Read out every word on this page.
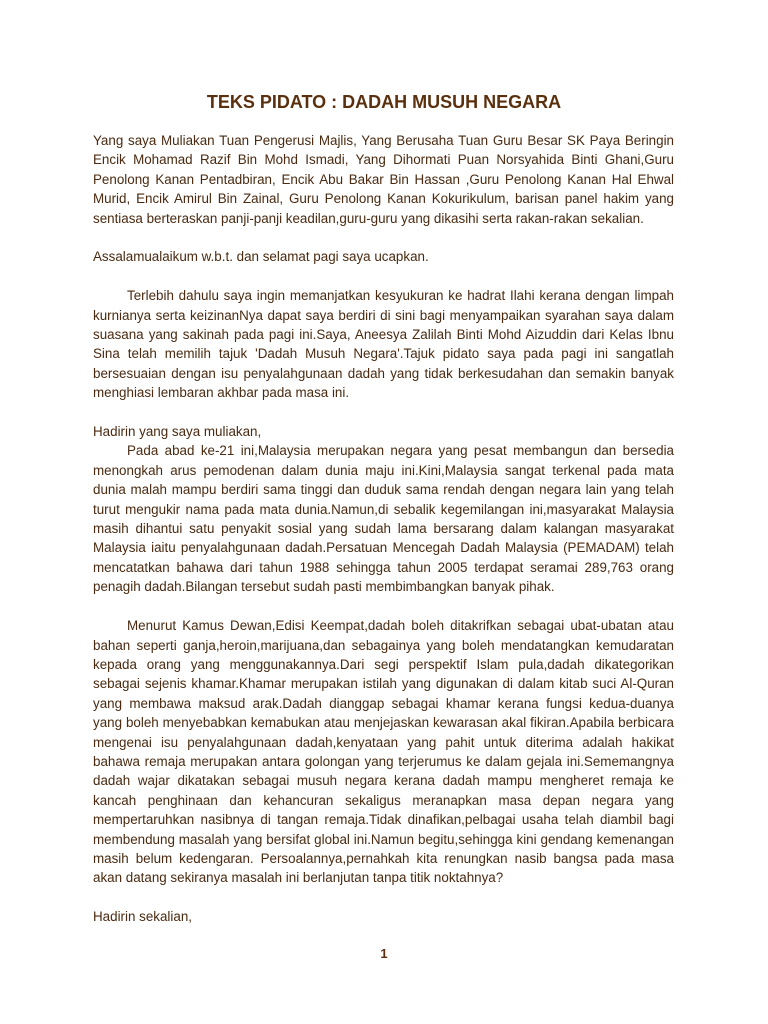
TEKS PIDATO : DADAH MUSUH NEGARA

Yang saya Muliakan Tuan Pengerusi Majlis, Yang Berusaha Tuan Guru Besar SK Paya Beringin Encik Mohamad Razif Bin Mohd Ismadi, Yang Dihormati Puan Norsyahida Binti Ghani,Guru Penolong Kanan Pentadbiran, Encik Abu Bakar Bin Hassan ,Guru Penolong Kanan Hal Ehwal Murid, Encik Amirul Bin Zainal, Guru Penolong Kanan Kokurikulum, barisan panel hakim yang sentiasa berteraskan panji-panji keadilan,guru-guru yang dikasihi serta rakan-rakan sekalian.

Assalamualaikum w.b.t. dan selamat pagi saya ucapkan.

Terlebih dahulu saya ingin memanjatkan kesyukuran ke hadrat Ilahi kerana dengan limpah kurnianya serta keizinanNya dapat saya berdiri di sini bagi menyampaikan syarahan saya dalam suasana yang sakinah pada pagi ini.Saya, Aneesya Zalilah Binti Mohd Aizuddin dari Kelas Ibnu Sina telah memilih tajuk 'Dadah Musuh Negara'.Tajuk pidato saya pada pagi ini sangatlah bersesuaian dengan isu penyalahgunaan dadah yang tidak berkesudahan dan semakin banyak menghiasi lembaran akhbar pada masa ini.

Hadirin yang saya muliakan,

Pada abad ke-21 ini,Malaysia merupakan negara yang pesat membangun dan bersedia menongkah arus pemodenan dalam dunia maju ini.Kini,Malaysia sangat terkenal pada mata dunia malah mampu berdiri sama tinggi dan duduk sama rendah dengan negara lain yang telah turut mengukir nama pada mata dunia.Namun,di sebalik kegemilangan ini,masyarakat Malaysia masih dihantui satu penyakit sosial yang sudah lama bersarang dalam kalangan masyarakat Malaysia iaitu penyalahgunaan dadah.Persatuan Mencegah Dadah Malaysia (PEMADAM) telah mencatatkan bahawa dari tahun 1988 sehingga tahun 2005 terdapat seramai 289,763 orang penagih dadah.Bilangan tersebut sudah pasti membimbangkan banyak pihak.

Menurut Kamus Dewan,Edisi Keempat,dadah boleh ditakrifkan sebagai ubat-ubatan atau bahan seperti ganja,heroin,marijuana,dan sebagainya yang boleh mendatangkan kemudaratan kepada orang yang menggunakannya.Dari segi perspektif Islam pula,dadah dikategorikan sebagai sejenis khamar.Khamar merupakan istilah yang digunakan di dalam kitab suci Al-Quran yang membawa maksud arak.Dadah dianggap sebagai khamar kerana fungsi kedua-duanya yang boleh menyebabkan kemabukan atau menjejaskan kewarasan akal fikiran.Apabila berbicara mengenai isu penyalahgunaan dadah,kenyataan yang pahit untuk diterima adalah hakikat bahawa remaja merupakan antara golongan yang terjerumus ke dalam gejala ini.Sememangnya dadah wajar dikatakan sebagai musuh negara kerana dadah mampu mengheret remaja ke kancah penghinaan dan kehancuran sekaligus meranapkan masa depan negara yang mempertaruhkan nasibnya di tangan remaja.Tidak dinafikan,pelbagai usaha telah diambil bagi membendung masalah yang bersifat global ini.Namun begitu,sehingga kini gendang kemenangan masih belum kedengaran. Persoalannya,pernahkah kita renungkan nasib bangsa pada masa akan datang sekiranya masalah ini berlanjutan tanpa titik noktahnya?

Hadirin sekalian,

1
